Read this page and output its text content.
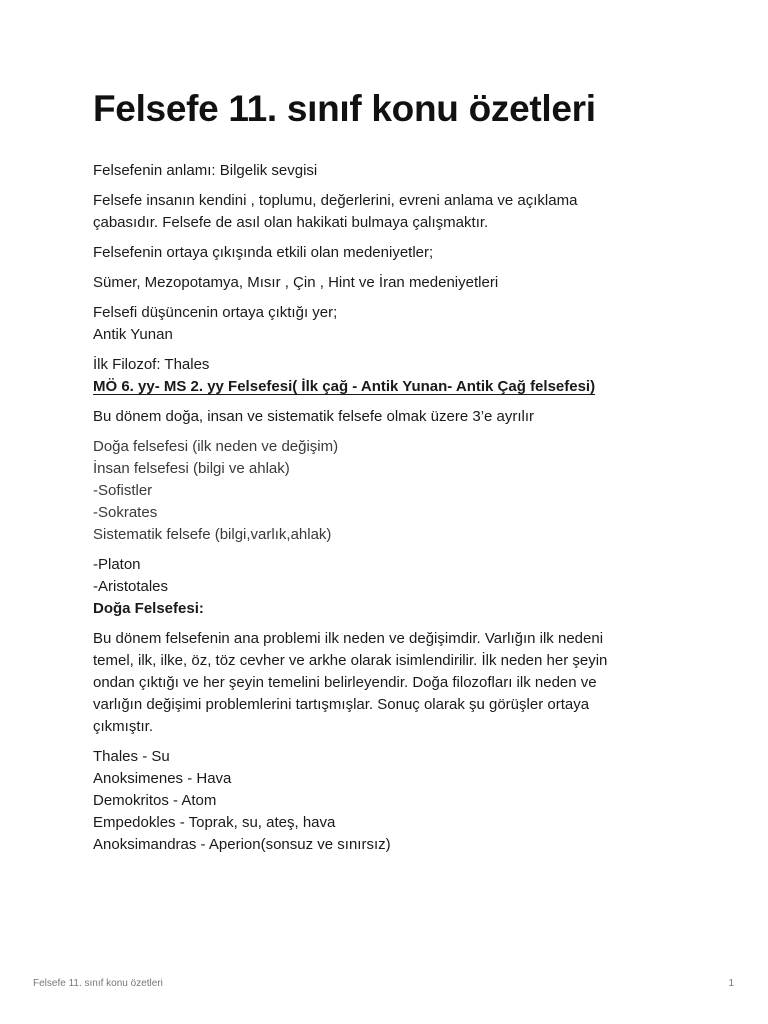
Felsefe 11. sınıf konu özetleri

Felsefenin anlamı: Bilgelik sevgisi

Felsefe insanın kendini , toplumu, değerlerini, evreni anlama ve açıklama

çabasıdır. Felsefe de asıl olan hakikati bulmaya çalışmaktır.

Felsefenin ortaya çıkışında etkili olan medeniyetler;

Sümer, Mezopotamya, Mısır , Çin , Hint ve İran medeniyetleri

Felsefi düşüncenin ortaya çıktığı yer;

Antik Yunan

İlk Filozof: Thales

MÖ 6. yy- MS 2. yy Felsefesi( İlk çağ - Antik Yunan- Antik Çağ felsefesi)

Bu dönem doğa, insan ve sistematik felsefe olmak üzere 3’e ayrılır

Doğa felsefesi (ilk neden ve değişim)

İnsan felsefesi (bilgi ve ahlak)

-Sofistler

-Sokrates

Sistematik felsefe (bilgi,varlık,ahlak)

-Platon

-Aristotales

Doğa Felsefesi:

Bu dönem felsefenin ana problemi ilk neden ve değişimdir. Varlığın ilk nedeni

temel, ilk, ilke, öz, töz cevher ve arkhe olarak isimlendirilir. İlk neden her şeyin

ondan çıktığı ve her şeyin temelini belirleyendir. Doğa filozofları ilk neden ve

varlığın değişimi problemlerini tartışmışlar. Sonuç olarak şu görüşler ortaya

çıkmıştır.

Thales - Su

Anoksimenes - Hava

Demokritos - Atom

Empedokles - Toprak, su, ateş, hava

Anoksimandras - Aperion(sonsuz ve sınırsız)

Felsefe 11. sınıf konu özetleri	1
